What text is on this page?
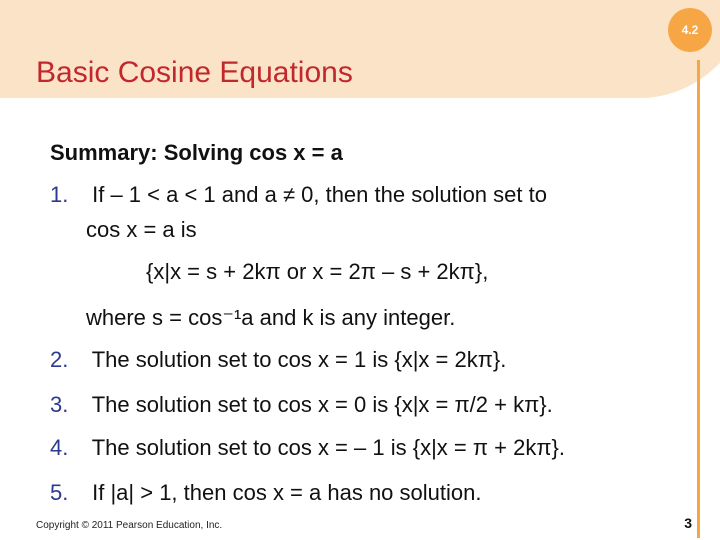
4.2
Basic Cosine Equations
Summary: Solving cos x = a
1. If – 1 < a < 1 and a ≠ 0, then the solution set to
cos x = a is
{x|x = s + 2kπ or x = 2π – s + 2kπ},
where s = cos⁻¹a and k is any integer.
2. The solution set to cos x = 1 is {x|x = 2kπ}.
3. The solution set to cos x = 0 is {x|x = π/2 + kπ}.
4. The solution set to cos x = – 1 is {x|x = π + 2kπ}.
5. If |a| > 1, then cos x = a has no solution.
Copyright © 2011 Pearson Education, Inc.	3
